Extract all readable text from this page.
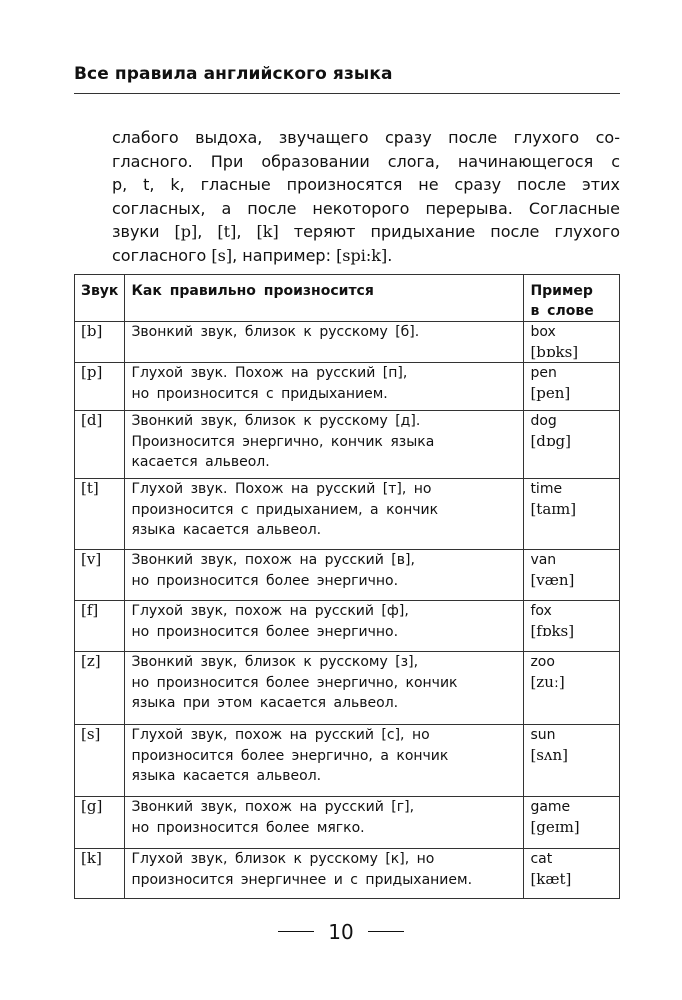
Все правила английского языка
слабого выдоха, звучащего сразу после глухого со-
гласного. При образовании слога, начинающегося с
p, t, k, гласные произносятся не сразу после этих
согласных, а после некоторого перерыва. Согласные
звуки [p], [t], [k] теряют придыхание после глухого
согласного [s], например: [spi:k].
Звук	Как правильно произносится	Пример
в слове

[b]	Звонкий звук, близок к русскому [б].	box
[bɒks]

[p]	Глухой звук. Похож на русский [п],
но произносится с придыханием.	pen
[pen]

[d]	Звонкий звук, близок к русскому [д].
Произносится энергично, кончик языка
касается альвеол.	dog
[dɒg]

[t]	Глухой звук. Похож на русский [т], но
произносится с придыханием, а кончик
языка касается альвеол.	time
[taɪm]

[v]	Звонкий звук, похож на русский [в],
но произносится более энергично.	van
[væn]

[f]	Глухой звук, похож на русский [ф],
но произносится более энергично.	fox
[fɒks]

[z]	Звонкий звук, близок к русскому [з],
но произносится более энергично, кончик
языка при этом касается альвеол.	zoo
[zuː]

[s]	Глухой звук, похож на русский [с], но
произносится более энергично, а кончик
языка касается альвеол.	sun
[sʌn]

[g]	Звонкий звук, похож на русский [г],
но произносится более мягко.	game
[geɪm]

[k]	Глухой звук, близок к русскому [к], но
произносится энергичнее и с придыханием.	cat
[kæt]
10
